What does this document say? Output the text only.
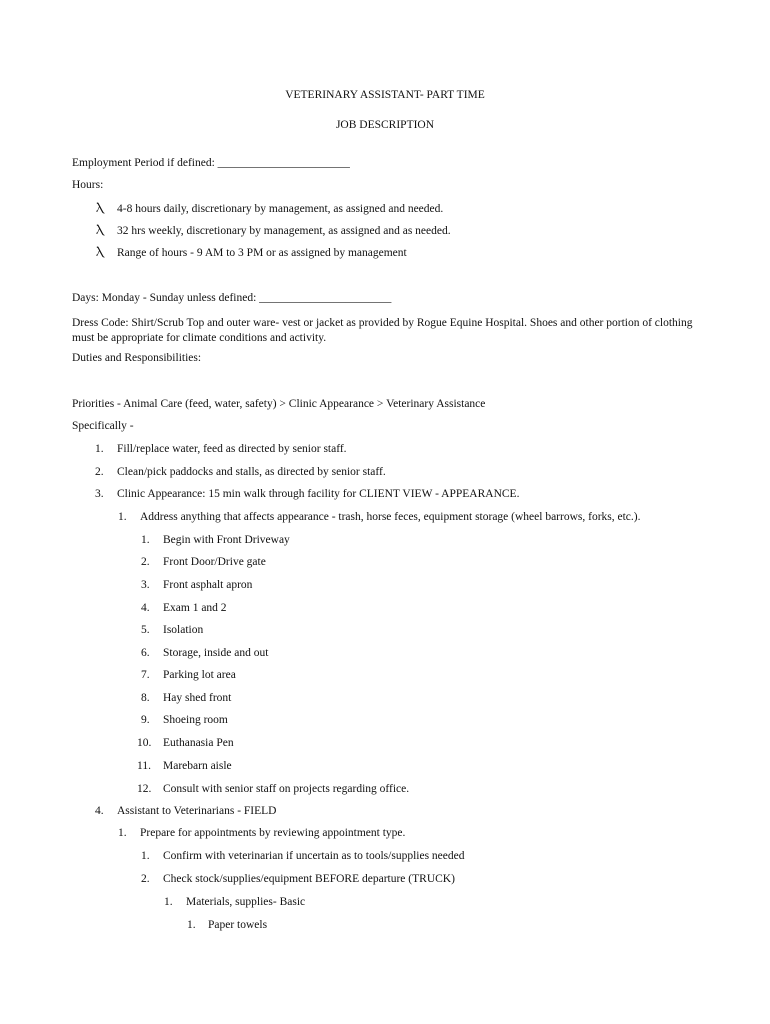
VETERINARY ASSISTANT- PART TIME
JOB DESCRIPTION
Employment Period if defined: _______________________
Hours:
Ⲗ 4-8 hours daily, discretionary by management, as assigned and needed.
Ⲗ 32 hrs weekly, discretionary by management, as assigned and as needed.
Ⲗ Range of hours - 9 AM to 3 PM or as assigned by management
Days: Monday - Sunday unless defined: _______________________
Dress Code: Shirt/Scrub Top and outer ware- vest or jacket as provided by Rogue Equine Hospital. Shoes and other portion of clothing must be appropriate for climate conditions and activity.
Duties and Responsibilities:
Priorities - Animal Care (feed, water, safety) > Clinic Appearance > Veterinary Assistance
Specifically -
1. Fill/replace water, feed as directed by senior staff.
2. Clean/pick paddocks and stalls, as directed by senior staff.
3. Clinic Appearance: 15 min walk through facility for CLIENT VIEW - APPEARANCE.
1. Address anything that affects appearance - trash, horse feces, equipment storage (wheel barrows, forks, etc.).
1. Begin with Front Driveway
2. Front Door/Drive gate
3. Front asphalt apron
4. Exam 1 and 2
5. Isolation
6. Storage, inside and out
7. Parking lot area
8. Hay shed front
9. Shoeing room
10. Euthanasia Pen
11. Marebarn aisle
12. Consult with senior staff on projects regarding office.
4. Assistant to Veterinarians - FIELD
1. Prepare for appointments by reviewing appointment type.
1. Confirm with veterinarian if uncertain as to tools/supplies needed
2. Check stock/supplies/equipment BEFORE departure (TRUCK)
1. Materials, supplies- Basic
1. Paper towels
